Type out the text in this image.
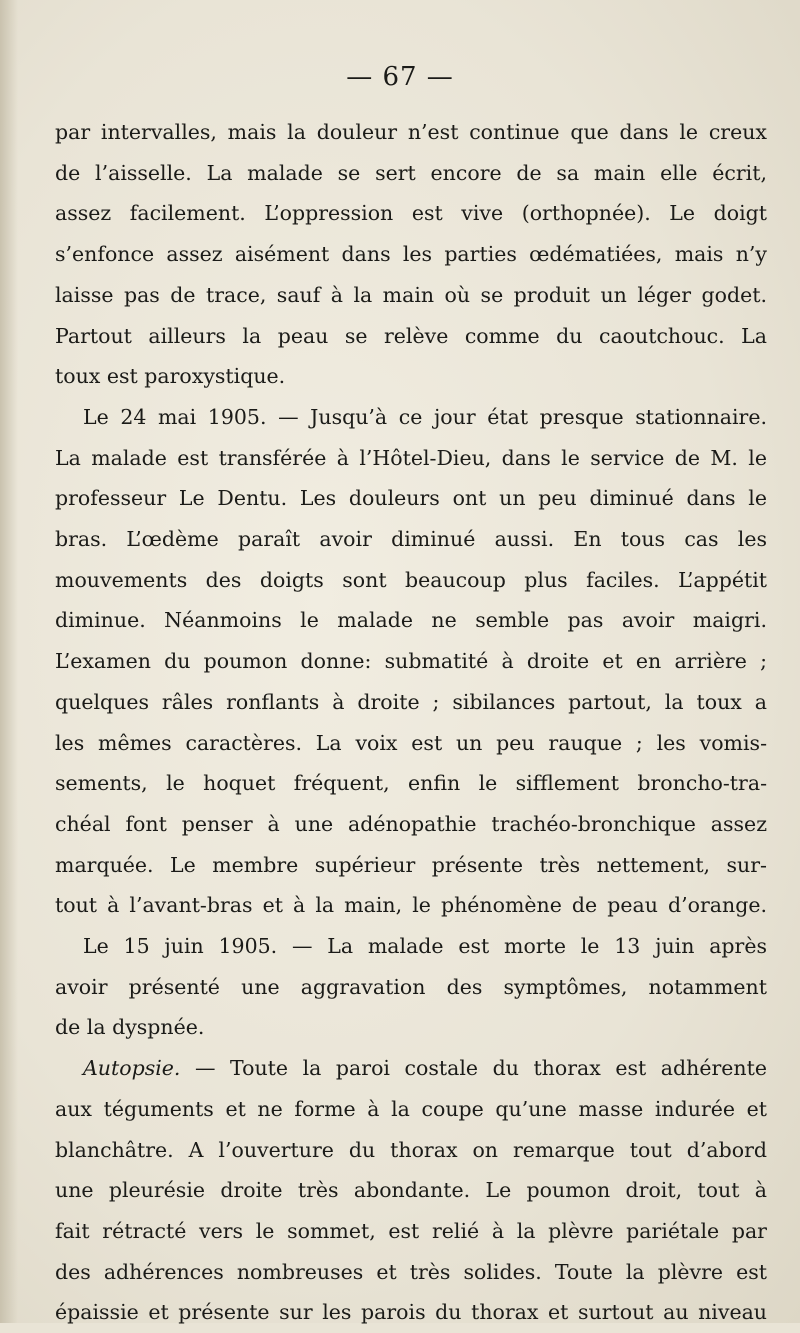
— 67 —

par intervalles, mais la douleur n’est continue que dans le creux

de l’aisselle. La malade se sert encore de sa main elle écrit,

assez facilement. L’oppression est vive (orthopnée). Le doigt

s’enfonce assez aisément dans les parties œdématiées, mais n’y

laisse pas de trace, sauf à la main où se produit un léger godet.

Partout ailleurs la peau se relève comme du caoutchouc. La

toux est paroxystique.

Le 24 mai 1905. — Jusqu’à ce jour état presque stationnaire.

La malade est transférée à l’Hôtel-Dieu, dans le service de M. le

professeur Le Dentu. Les douleurs ont un peu diminué dans le

bras. L’œdème paraît avoir diminué aussi. En tous cas les

mouvements des doigts sont beaucoup plus faciles. L’appétit

diminue. Néanmoins le malade ne semble pas avoir maigri.

L’examen du poumon donne: submatité à droite et en arrière ;

quelques râles ronflants à droite ; sibilances partout, la toux a

les mêmes caractères. La voix est un peu rauque ; les vomis-

sements, le hoquet fréquent, enfin le sifflement broncho-tra-

chéal font penser à une adénopathie trachéo-bronchique assez

marquée. Le membre supérieur présente très nettement, sur-

tout à l’avant-bras et à la main, le phénomène de peau d’orange.

Le 15 juin 1905. — La malade est morte le 13 juin après

avoir présenté une aggravation des symptômes, notamment

de la dyspnée.

Autopsie. — Toute la paroi costale du thorax est adhérente

aux téguments et ne forme à la coupe qu’une masse indurée et

blanchâtre. A l’ouverture du thorax on remarque tout d’abord

une pleurésie droite très abondante. Le poumon droit, tout à

fait rétracté vers le sommet, est relié à la plèvre pariétale par

des adhérences nombreuses et très solides. Toute la plèvre est

épaissie et présente sur les parois du thorax et surtout au niveau
